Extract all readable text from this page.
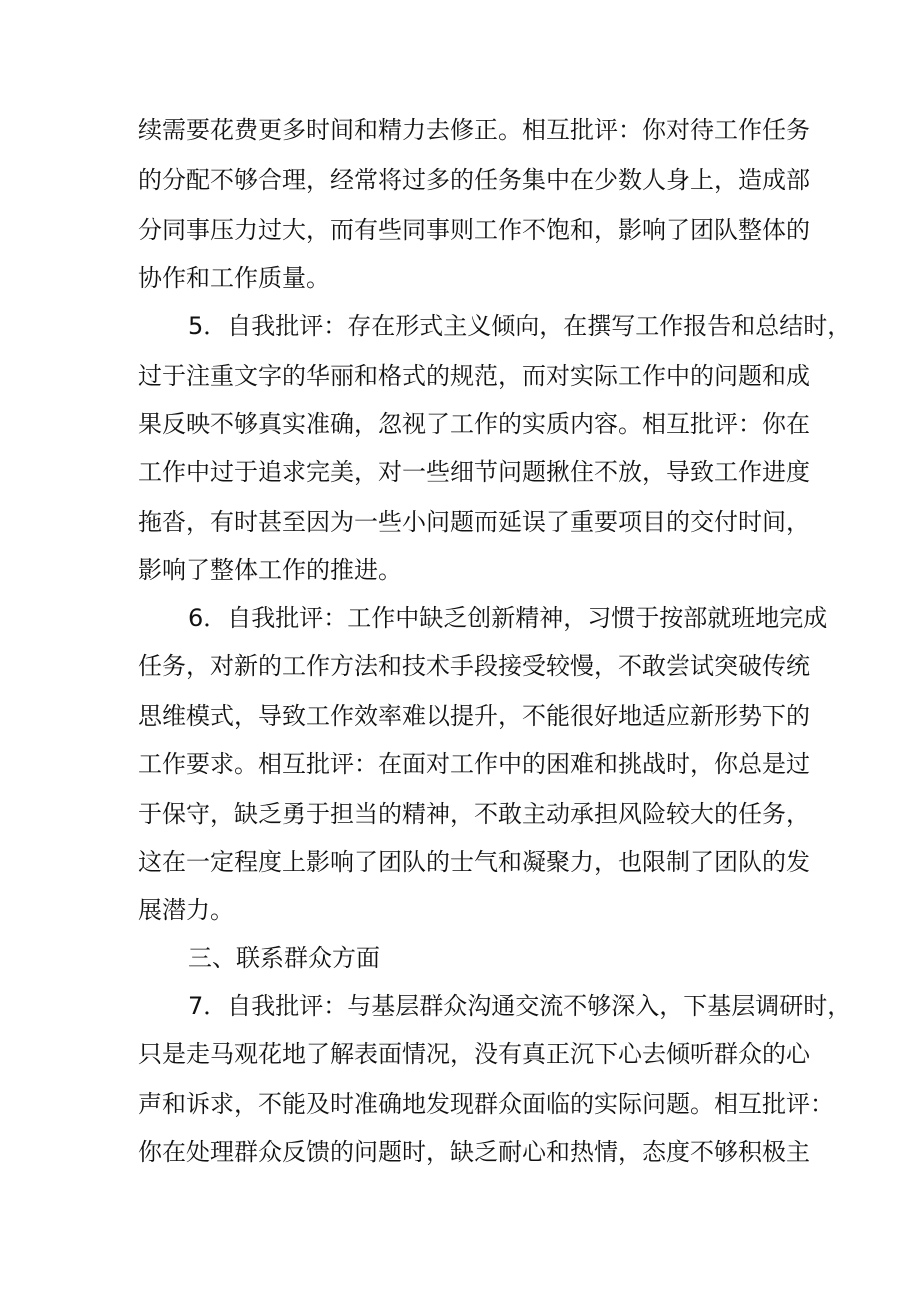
续需要花费更多时间和精力去修正。相互批评：你对待工作任务
的分配不够合理，经常将过多的任务集中在少数人身上，造成部
分同事压力过大，而有些同事则工作不饱和，影响了团队整体的
协作和工作质量。
5．自我批评：存在形式主义倾向，在撰写工作报告和总结时，
过于注重文字的华丽和格式的规范，而对实际工作中的问题和成
果反映不够真实准确，忽视了工作的实质内容。相互批评：你在
工作中过于追求完美，对一些细节问题揪住不放，导致工作进度
拖沓，有时甚至因为一些小问题而延误了重要项目的交付时间，
影响了整体工作的推进。
6．自我批评：工作中缺乏创新精神，习惯于按部就班地完成
任务，对新的工作方法和技术手段接受较慢，不敢尝试突破传统
思维模式，导致工作效率难以提升，不能很好地适应新形势下的
工作要求。相互批评：在面对工作中的困难和挑战时，你总是过
于保守，缺乏勇于担当的精神，不敢主动承担风险较大的任务，
这在一定程度上影响了团队的士气和凝聚力，也限制了团队的发
展潜力。
三、联系群众方面
7．自我批评：与基层群众沟通交流不够深入，下基层调研时，
只是走马观花地了解表面情况，没有真正沉下心去倾听群众的心
声和诉求，不能及时准确地发现群众面临的实际问题。相互批评：
你在处理群众反馈的问题时，缺乏耐心和热情，态度不够积极主
